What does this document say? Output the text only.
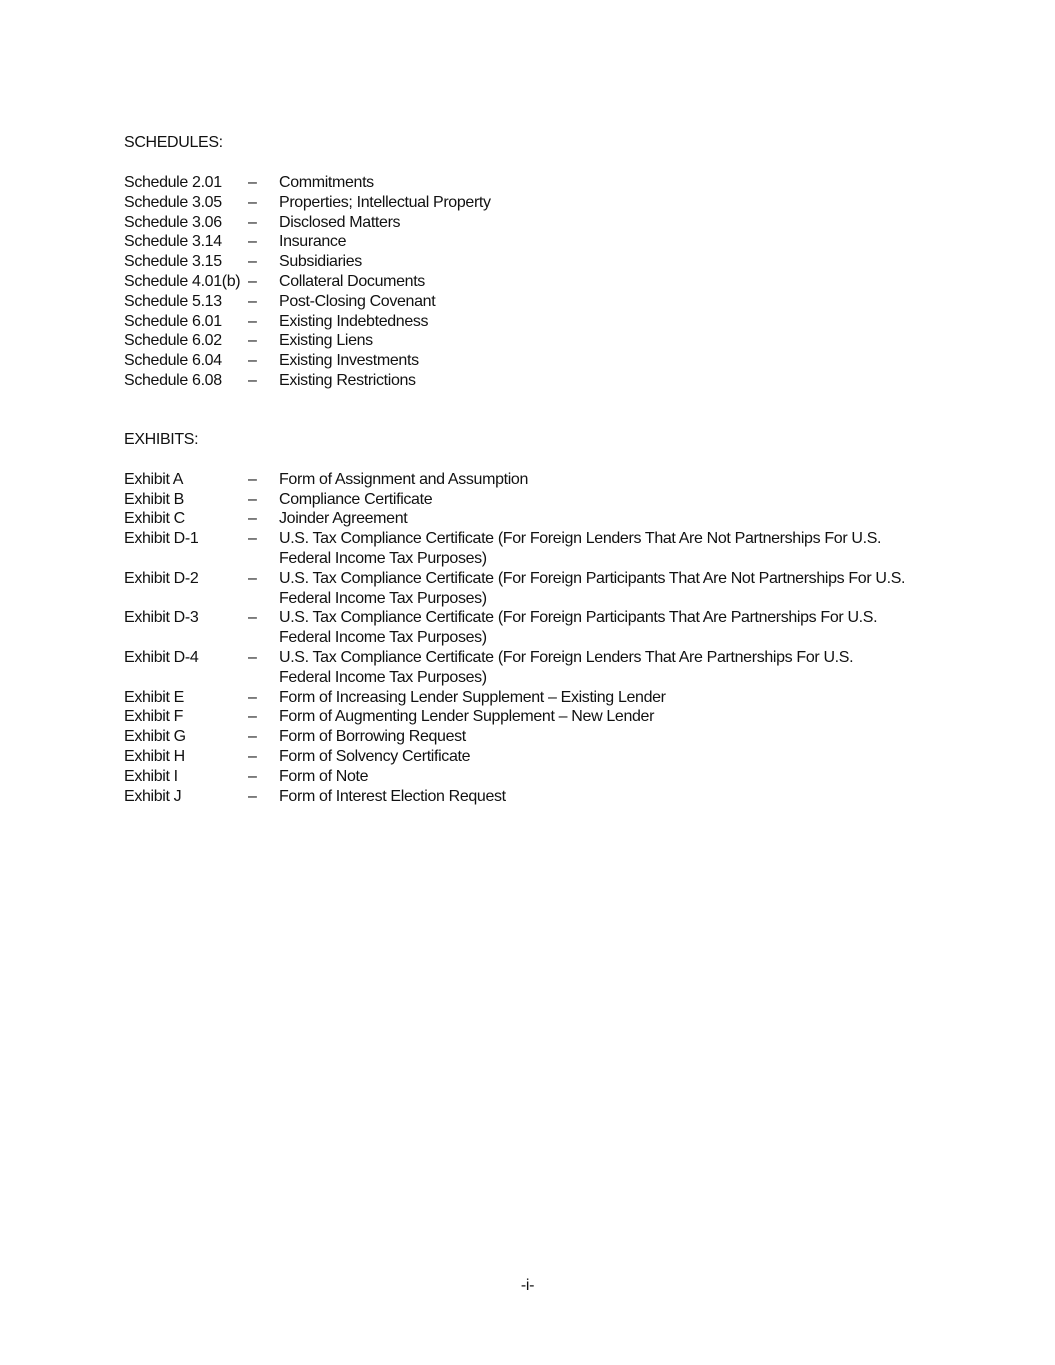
SCHEDULES:
Schedule 2.01	–	Commitments
Schedule 3.05	–	Properties; Intellectual Property
Schedule 3.06	–	Disclosed Matters
Schedule 3.14	–	Insurance
Schedule 3.15	–	Subsidiaries
Schedule 4.01(b) –	Collateral Documents
Schedule 5.13	–	Post-Closing Covenant
Schedule 6.01	–	Existing Indebtedness
Schedule 6.02	–	Existing Liens
Schedule 6.04	–	Existing Investments
Schedule 6.08	–	Existing Restrictions
EXHIBITS:
Exhibit A	–	Form of Assignment and Assumption
Exhibit B	–	Compliance Certificate
Exhibit C	–	Joinder Agreement
Exhibit D-1	–	U.S. Tax Compliance Certificate (For Foreign Lenders That Are Not Partnerships For U.S. Federal Income Tax Purposes)
Exhibit D-2	–	U.S. Tax Compliance Certificate (For Foreign Participants That Are Not Partnerships For U.S. Federal Income Tax Purposes)
Exhibit D-3	–	U.S. Tax Compliance Certificate (For Foreign Participants That Are Partnerships For U.S. Federal Income Tax Purposes)
Exhibit D-4	–	U.S. Tax Compliance Certificate (For Foreign Lenders That Are Partnerships For U.S. Federal Income Tax Purposes)
Exhibit E	–	Form of Increasing Lender Supplement – Existing Lender
Exhibit F	–	Form of Augmenting Lender Supplement – New Lender
Exhibit G	–	Form of Borrowing Request
Exhibit H	–	Form of Solvency Certificate
Exhibit I	–	Form of Note
Exhibit J	–	Form of Interest Election Request
-i-
